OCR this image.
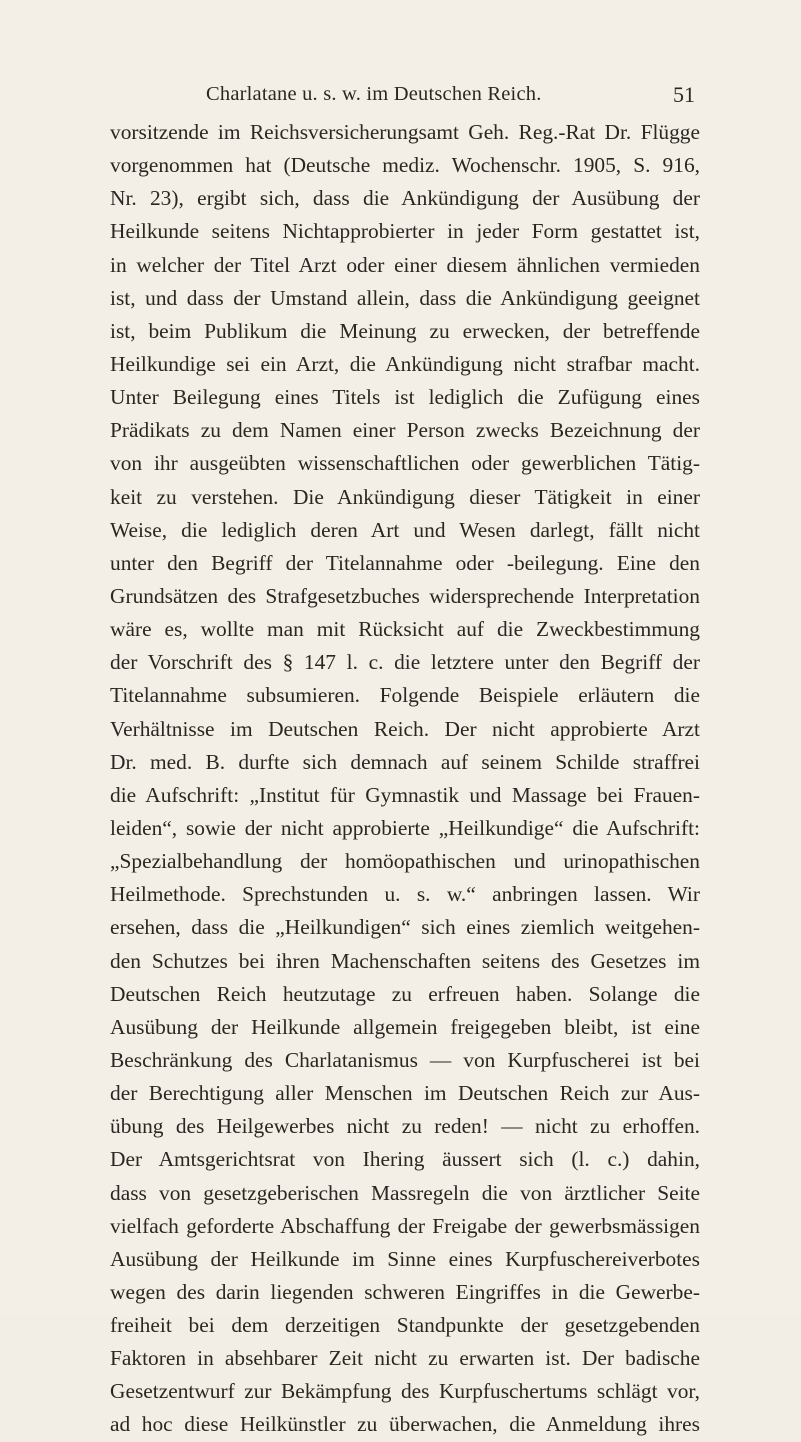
Charlatane u. s. w. im Deutschen Reich.	51
vorsitzende im Reichsversicherungsamt Geh. Reg.-Rat Dr. Flügge
vorgenommen hat (Deutsche mediz. Wochenschr. 1905, S. 916,
Nr. 23), ergibt sich, dass die Ankündigung der Ausübung der
Heilkunde seitens Nichtapprobierter in jeder Form gestattet ist,
in welcher der Titel Arzt oder einer diesem ähnlichen vermieden
ist, und dass der Umstand allein, dass die Ankündigung geeignet
ist, beim Publikum die Meinung zu erwecken, der betreffende
Heilkundige sei ein Arzt, die Ankündigung nicht strafbar macht.
Unter Beilegung eines Titels ist lediglich die Zufügung eines
Prädikats zu dem Namen einer Person zwecks Bezeichnung der
von ihr ausgeübten wissenschaftlichen oder gewerblichen Tätig-
keit zu verstehen. Die Ankündigung dieser Tätigkeit in einer
Weise, die lediglich deren Art und Wesen darlegt, fällt nicht
unter den Begriff der Titelannahme oder -beilegung. Eine den
Grundsätzen des Strafgesetzbuches widersprechende Interpretation
wäre es, wollte man mit Rücksicht auf die Zweckbestimmung
der Vorschrift des § 147 l. c. die letztere unter den Begriff der
Titelannahme subsumieren. Folgende Beispiele erläutern die
Verhältnisse im Deutschen Reich. Der nicht approbierte Arzt
Dr. med. B. durfte sich demnach auf seinem Schilde straffrei
die Aufschrift: „Institut für Gymnastik und Massage bei Frauen-
leiden“, sowie der nicht approbierte „Heilkundige“ die Aufschrift:
„Spezialbehandlung der homöopathischen und urinopathischen
Heilmethode. Sprechstunden u. s. w.“ anbringen lassen. Wir
ersehen, dass die „Heilkundigen“ sich eines ziemlich weitgehen-
den Schutzes bei ihren Machenschaften seitens des Gesetzes im
Deutschen Reich heutzutage zu erfreuen haben. Solange die
Ausübung der Heilkunde allgemein freigegeben bleibt, ist eine
Beschränkung des Charlatanismus — von Kurpfuscherei ist bei
der Berechtigung aller Menschen im Deutschen Reich zur Aus-
übung des Heilgewerbes nicht zu reden! — nicht zu erhoffen.
Der Amtsgerichtsrat von Ihering äussert sich (l. c.) dahin,
dass von gesetzgeberischen Massregeln die von ärztlicher Seite
vielfach geforderte Abschaffung der Freigabe der gewerbsmässigen
Ausübung der Heilkunde im Sinne eines Kurpfuschereiverbotes
wegen des darin liegenden schweren Eingriffes in die Gewerbe-
freiheit bei dem derzeitigen Standpunkte der gesetzgebenden
Faktoren in absehbarer Zeit nicht zu erwarten ist. Der badische
Gesetzentwurf zur Bekämpfung des Kurpfuschertums schlägt vor,
ad hoc diese Heilkünstler zu überwachen, die Anmeldung ihres
